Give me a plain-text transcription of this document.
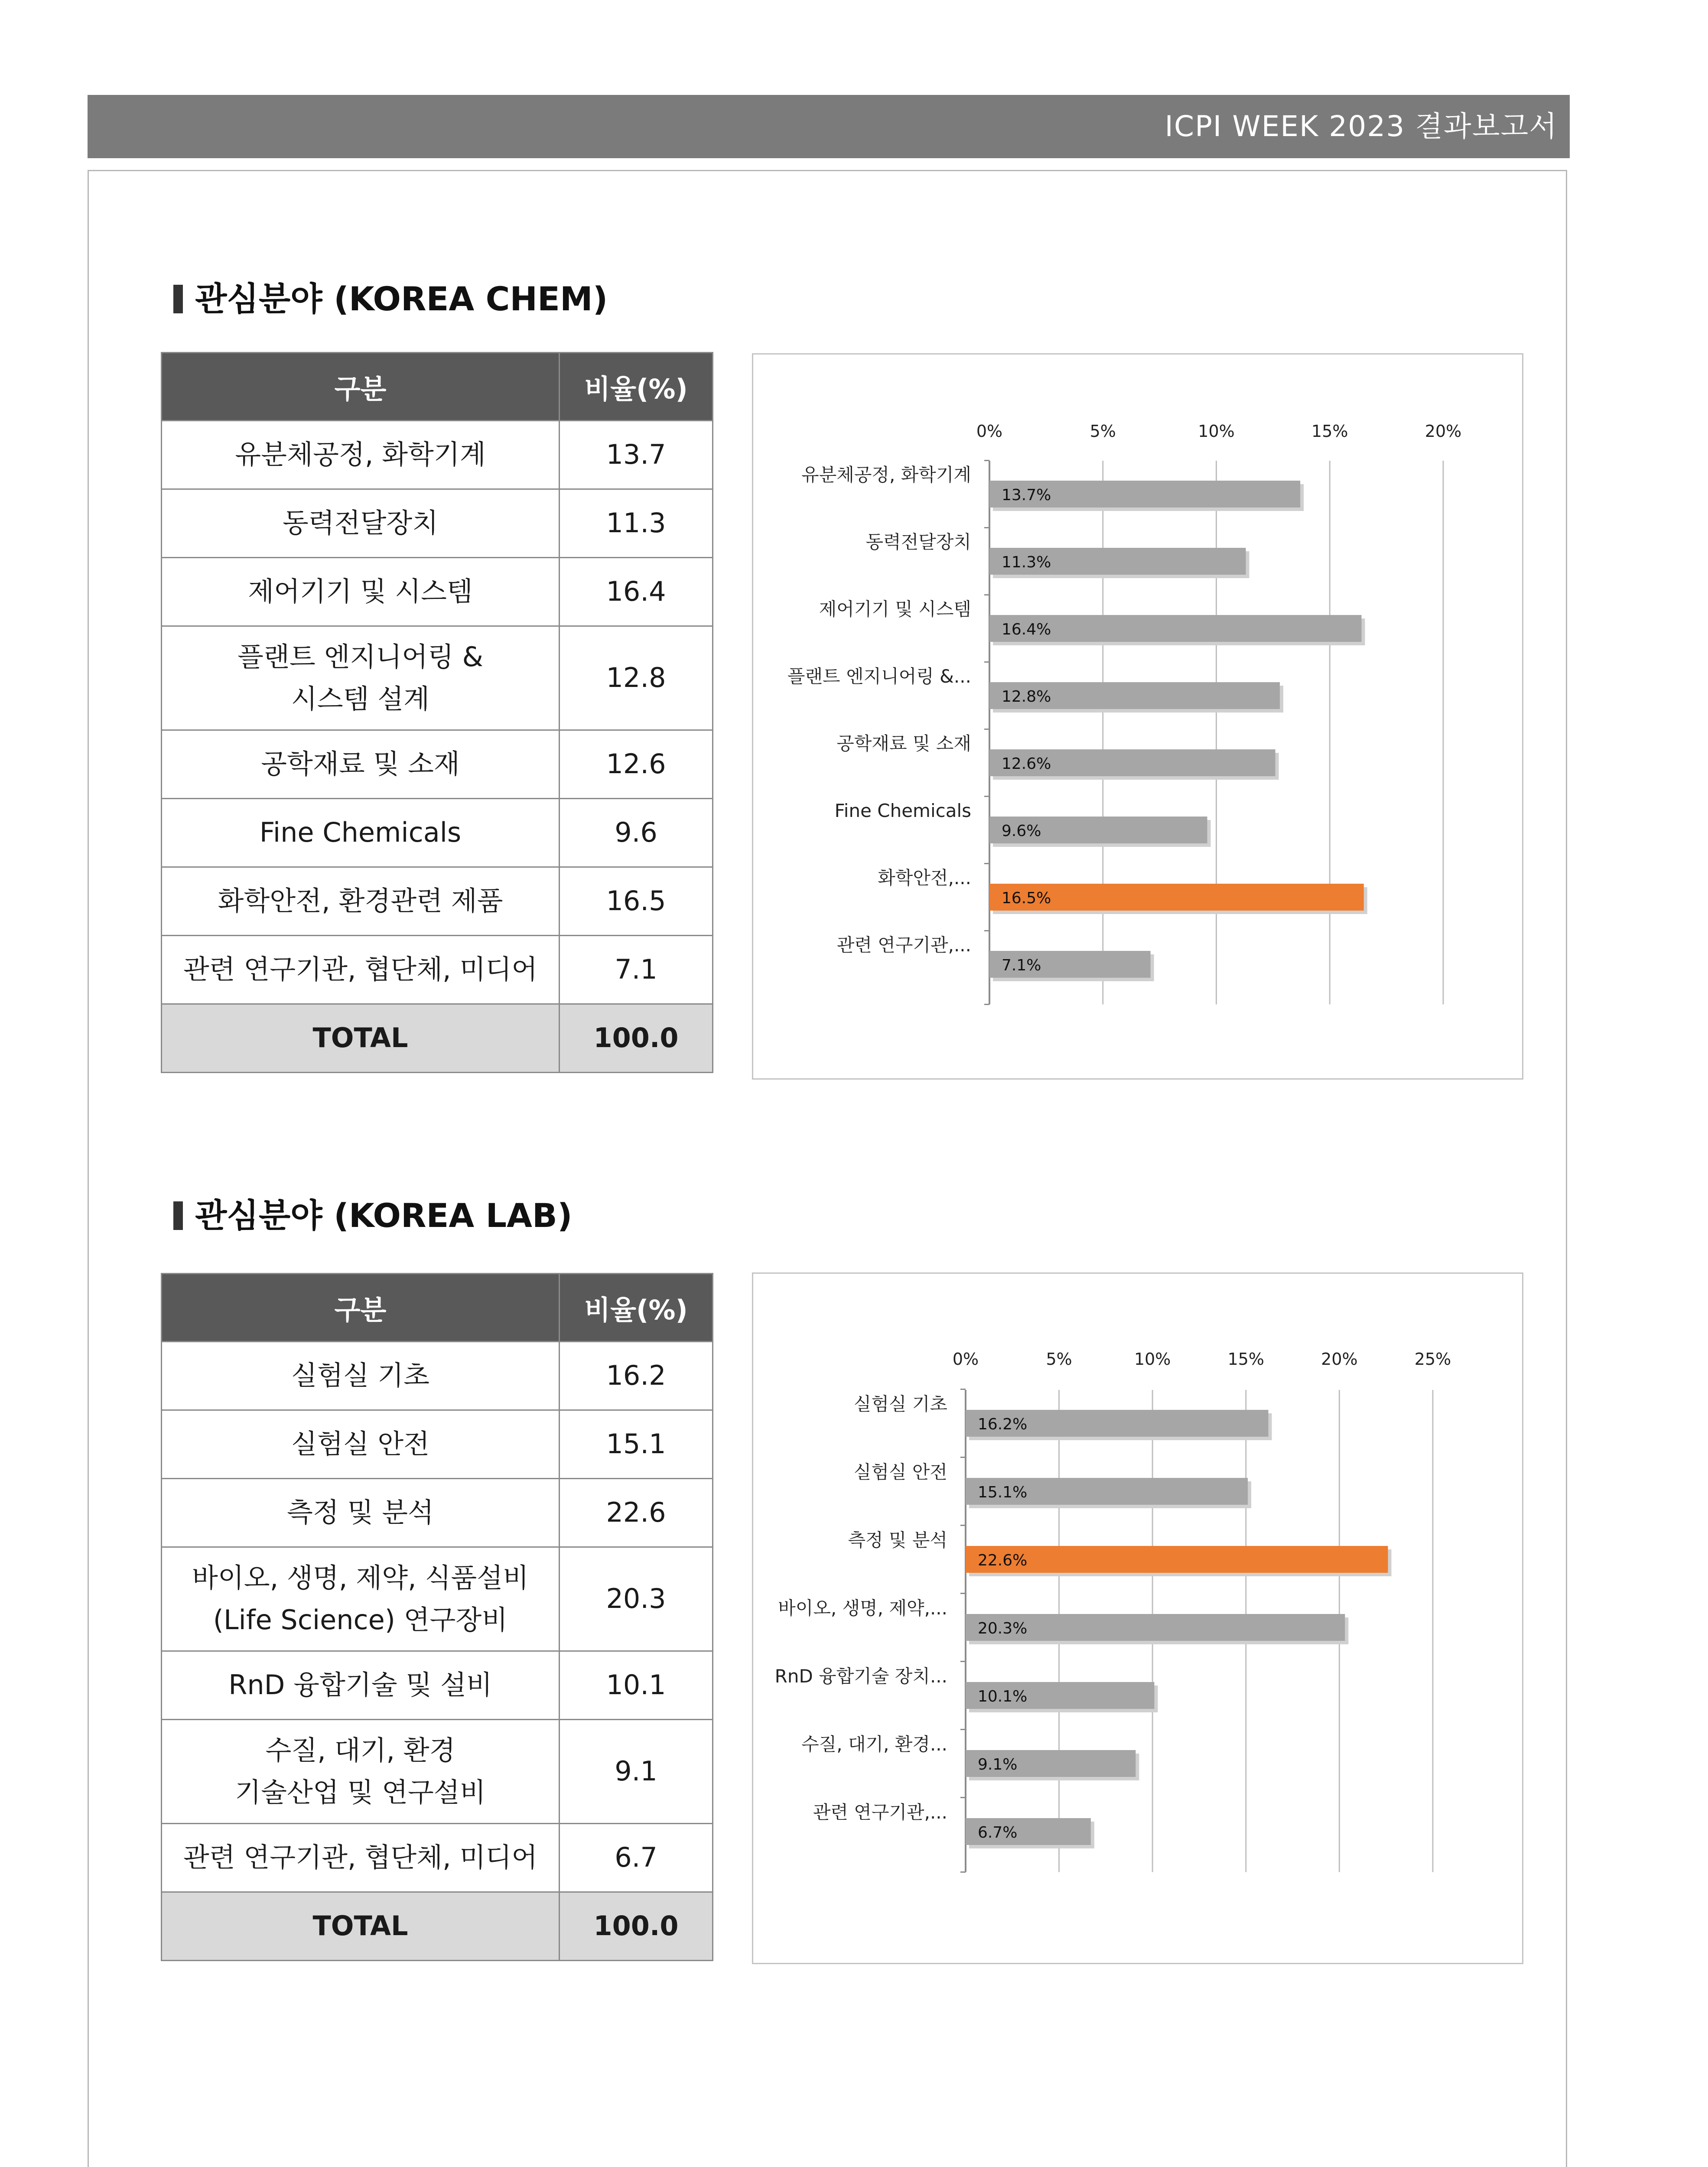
ICPI WEEK 2023 결과보고서
관심분야 (KOREA CHEM)
구분	비율(%)
유분체공정, 화학기계	13.7
동력전달장치	11.3
제어기기 및 시스템	16.4
플랜트 엔지니어링 &
시스템 설계	12.8
공학재료 및 소재	12.6
Fine Chemicals	9.6
화학안전, 환경관련 제품	16.5
관련 연구기관, 협단체, 미디어	7.1
TOTAL	100.0
0%	5%	10%	15%	20%
13.7%
유분체공정, 화학기계
11.3%
동력전달장치
16.4%
제어기기 및 시스템
12.8%
플랜트 엔지니어링 &...
12.6%
공학재료 및 소재
9.6%
Fine Chemicals
16.5%
화학안전,...
7.1%
관련 연구기관,...
관심분야 (KOREA LAB)
구분	비율(%)
실험실 기초	16.2
실험실 안전	15.1
측정 및 분석	22.6
바이오, 생명, 제약, 식품설비
(Life Science) 연구장비	20.3
RnD 융합기술 및 설비	10.1
수질, 대기, 환경
기술산업 및 연구설비	9.1
관련 연구기관, 협단체, 미디어	6.7
TOTAL	100.0
0%	5%	10%	15%	20%	25%
16.2%
실험실 기초
15.1%
실험실 안전
22.6%
측정 및 분석
20.3%
바이오, 생명, 제약,...
10.1%
RnD 융합기술 장치...
9.1%
수질, 대기, 환경...
6.7%
관련 연구기관,...
